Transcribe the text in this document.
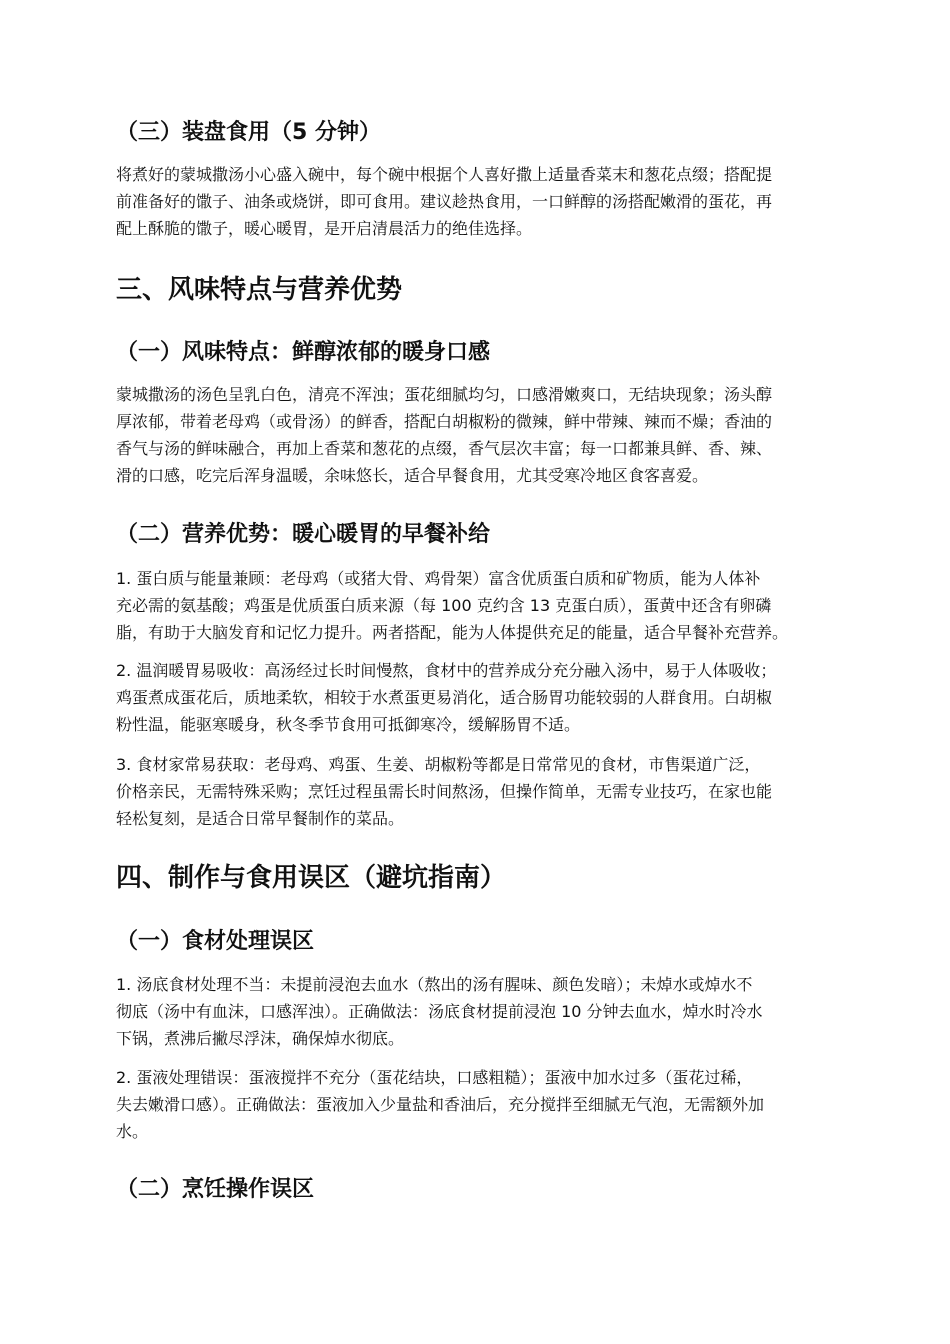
（三）装盘食用（5 分钟）
将煮好的蒙城撒汤小心盛入碗中，每个碗中根据个人喜好撒上适量香菜末和葱花点缀；搭配提
前准备好的馓子、油条或烧饼，即可食用。建议趁热食用，一口鲜醇的汤搭配嫩滑的蛋花，再
配上酥脆的馓子，暖心暖胃，是开启清晨活力的绝佳选择。
三、风味特点与营养优势
（一）风味特点：鲜醇浓郁的暖身口感
蒙城撒汤的汤色呈乳白色，清亮不浑浊；蛋花细腻均匀，口感滑嫩爽口，无结块现象；汤头醇
厚浓郁，带着老母鸡（或骨汤）的鲜香，搭配白胡椒粉的微辣，鲜中带辣、辣而不燥；香油的
香气与汤的鲜味融合，再加上香菜和葱花的点缀，香气层次丰富；每一口都兼具鲜、香、辣、
滑的口感，吃完后浑身温暖，余味悠长，适合早餐食用，尤其受寒冷地区食客喜爱。
（二）营养优势：暖心暖胃的早餐补给
1. 蛋白质与能量兼顾：老母鸡（或猪大骨、鸡骨架）富含优质蛋白质和矿物质，能为人体补
充必需的氨基酸；鸡蛋是优质蛋白质来源（每 100 克约含 13 克蛋白质），蛋黄中还含有卵磷
脂，有助于大脑发育和记忆力提升。两者搭配，能为人体提供充足的能量，适合早餐补充营养。
2. 温润暖胃易吸收：高汤经过长时间慢熬，食材中的营养成分充分融入汤中，易于人体吸收；
鸡蛋煮成蛋花后，质地柔软，相较于水煮蛋更易消化，适合肠胃功能较弱的人群食用。白胡椒
粉性温，能驱寒暖身，秋冬季节食用可抵御寒冷，缓解肠胃不适。
3. 食材家常易获取：老母鸡、鸡蛋、生姜、胡椒粉等都是日常常见的食材，市售渠道广泛，
价格亲民，无需特殊采购；烹饪过程虽需长时间熬汤，但操作简单，无需专业技巧，在家也能
轻松复刻，是适合日常早餐制作的菜品。
四、制作与食用误区（避坑指南）
（一）食材处理误区
1. 汤底食材处理不当：未提前浸泡去血水（熬出的汤有腥味、颜色发暗）；未焯水或焯水不
彻底（汤中有血沫，口感浑浊）。正确做法：汤底食材提前浸泡 10 分钟去血水，焯水时冷水
下锅，煮沸后撇尽浮沫，确保焯水彻底。
2. 蛋液处理错误：蛋液搅拌不充分（蛋花结块，口感粗糙）；蛋液中加水过多（蛋花过稀，
失去嫩滑口感）。正确做法：蛋液加入少量盐和香油后，充分搅拌至细腻无气泡，无需额外加
水。
（二）烹饪操作误区
